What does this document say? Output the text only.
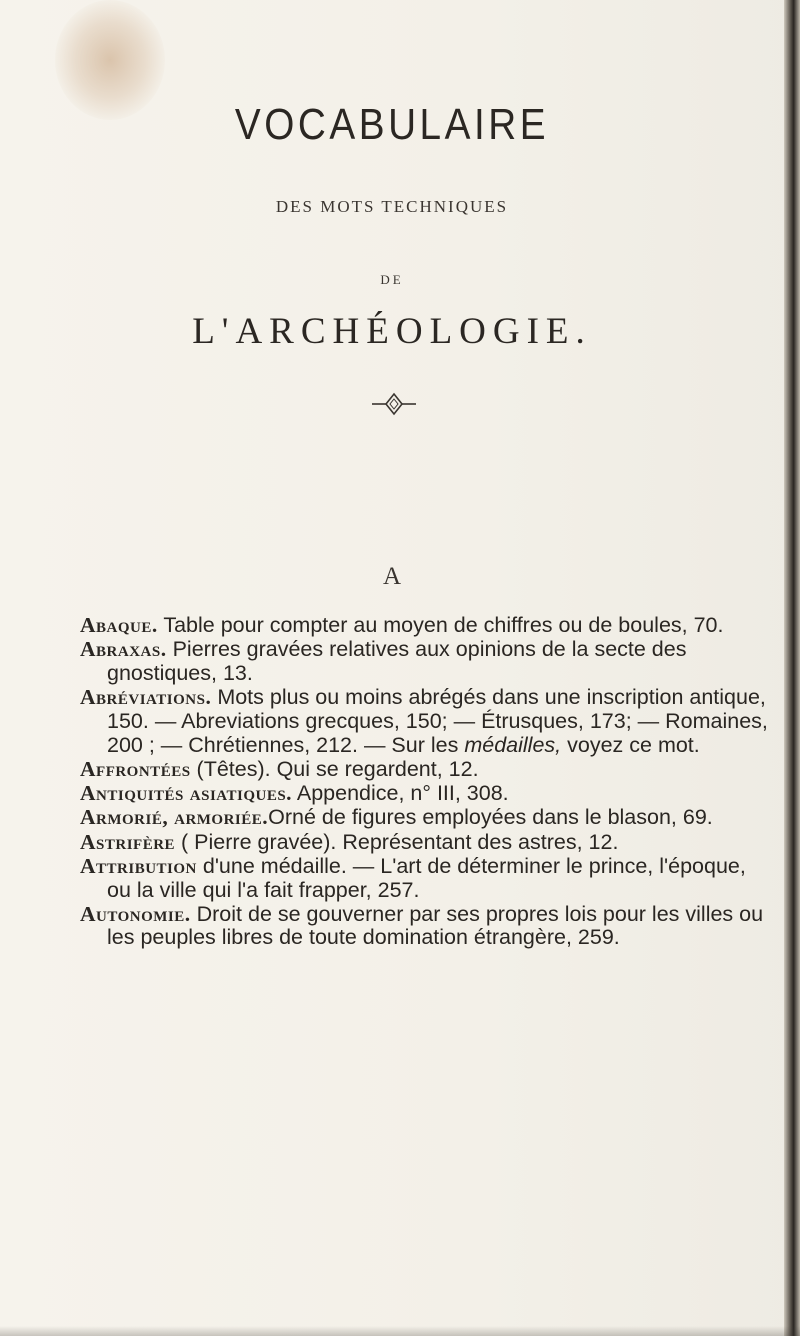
VOCABULAIRE
DES MOTS TECHNIQUES
DE
L'ARCHÉOLOGIE.
A

Abaque. Table pour compter au moyen de chiffres ou de boules, 70.

Abraxas. Pierres gravées relatives aux opinions de la secte des gnostiques, 13.

Abréviations. Mots plus ou moins abrégés dans une inscription antique, 150. — Abreviations grecques, 150; — Étrusques, 173; — Romaines, 200 ; — Chrétiennes, 212. — Sur les médailles, voyez ce mot.

Affrontées (Têtes). Qui se regardent, 12.

Antiquités asiatiques. Appendice, n° III, 308.

Armorié, armoriée.Orné de figures employées dans le blason, 69.

Astrifère ( Pierre gravée). Représentant des astres, 12.

Attribution d'une médaille. — L'art de déterminer le prince, l'époque, ou la ville qui l'a fait frapper, 257.

Autonomie. Droit de se gouverner par ses propres lois pour les villes ou les peuples libres de toute domination étrangère, 259.
